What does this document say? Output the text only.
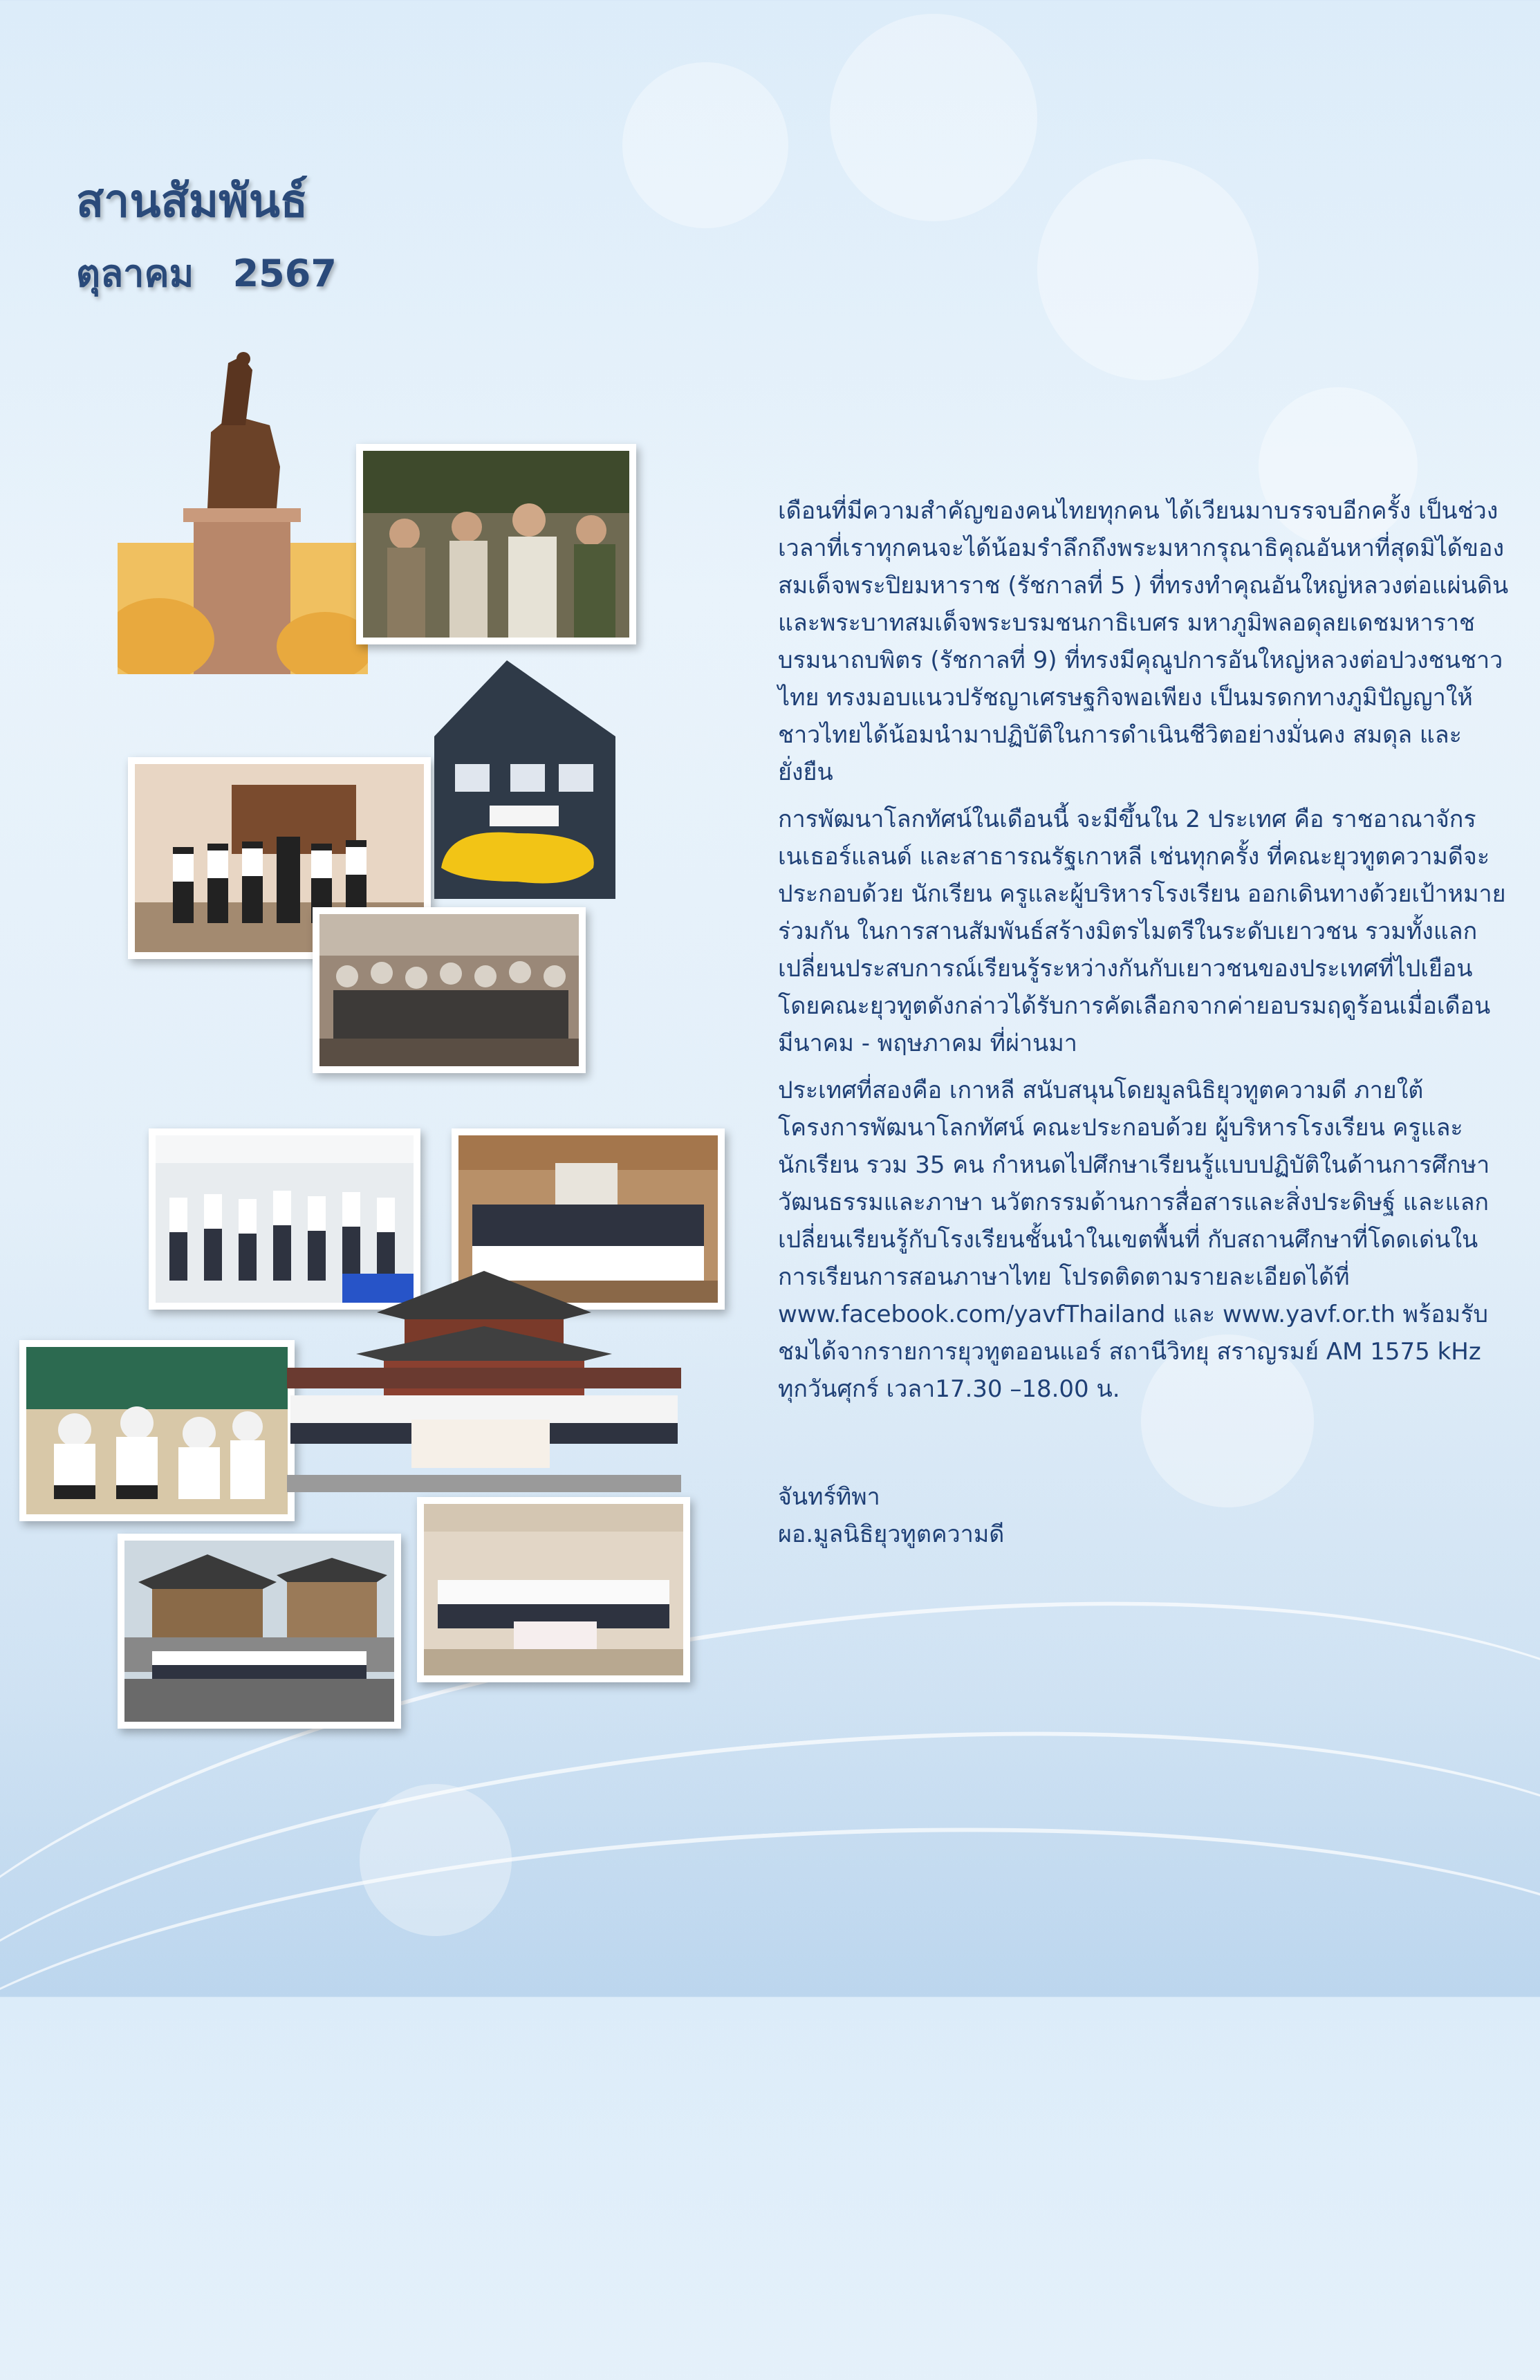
สานสัมพันธ์
ตุลาคม   2567

เดือนที่มีความสำคัญของคนไทยทุกคน ได้เวียนมาบรรจบอีกครั้ง เป็นช่วงเวลาที่เราทุกคนจะได้น้อมรำลึกถึงพระมหากรุณาธิคุณอันหาที่สุดมิได้ของสมเด็จพระปิยมหาราช (รัชกาลที่ 5 ) ที่ทรงทำคุณอันใหญ่หลวงต่อแผ่นดิน และพระบาทสมเด็จพระบรมชนกาธิเบศร มหาภูมิพลอดุลยเดชมหาราช บรมนาถบพิตร (รัชกาลที่ 9) ที่ทรงมีคุณูปการอันใหญ่หลวงต่อปวงชนชาวไทย ทรงมอบแนวปรัชญาเศรษฐกิจพอเพียง เป็นมรดกทางภูมิปัญญาให้ชาวไทยได้น้อมนำมาปฏิบัติในการดำเนินชีวิตอย่างมั่นคง สมดุล และยั่งยืน

การพัฒนาโลกทัศน์ในเดือนนี้ จะมีขึ้นใน 2 ประเทศ คือ ราชอาณาจักรเนเธอร์แลนด์ และสาธารณรัฐเกาหลี เช่นทุกครั้ง ที่คณะยุวทูตความดีจะประกอบด้วย นักเรียน ครูและผู้บริหารโรงเรียน ออกเดินทางด้วยเป้าหมายร่วมกัน ในการสานสัมพันธ์สร้างมิตรไมตรีในระดับเยาวชน รวมทั้งแลกเปลี่ยนประสบการณ์เรียนรู้ระหว่างกันกับเยาวชนของประเทศที่ไปเยือน โดยคณะยุวทูตดังกล่าวได้รับการคัดเลือกจากค่ายอบรมฤดูร้อนเมื่อเดือนมีนาคม - พฤษภาคม ที่ผ่านมา

ประเทศที่สองคือ เกาหลี สนับสนุนโดยมูลนิธิยุวทูตความดี ภายใต้โครงการพัฒนาโลกทัศน์ คณะประกอบด้วย ผู้บริหารโรงเรียน ครูและนักเรียน รวม 35 คน กำหนดไปศึกษาเรียนรู้แบบปฏิบัติในด้านการศึกษา วัฒนธรรมและภาษา นวัตกรรมด้านการสื่อสารและสิ่งประดิษฐ์ และแลกเปลี่ยนเรียนรู้กับโรงเรียนชั้นนำในเขตพื้นที่ กับสถานศึกษาที่โดดเด่นในการเรียนการสอนภาษาไทย โปรดติดตามรายละเอียดได้ที่ www.facebook.com/yavfThailand และ www.yavf.or.th พร้อมรับชมได้จากรายการยุวทูตออนแอร์ สถานีวิทยุ สราญรมย์ AM 1575 kHz ทุกวันศุกร์ เวลา17.30 –18.00 น.

จันทร์ทิพา
ผอ.มูลนิธิยุวทูตความดี
